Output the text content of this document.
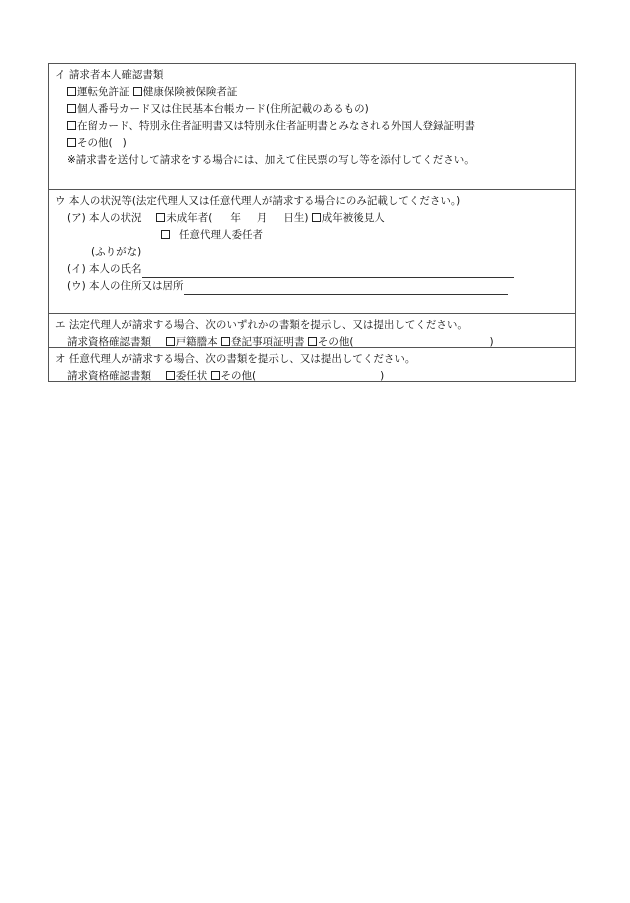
イ 請求者本人確認書類
運転免許証 健康保険被保険者証
個人番号カード又は住民基本台帳カード(住所記載のあるもの)
在留カード、特別永住者証明書又は特別永住者証明書とみなされる外国人登録証明書
その他( )
※請求書を送付して請求をする場合には、加えて住民票の写し等を添付してください。
ウ 本人の状況等(法定代理人又は任意代理人が請求する場合にのみ記載してください。)
(ア) 本人の状況 未成年者( 年 月 日生) 成年被後見人
任意代理人委任者
(ふりがな)
(イ) 本人の氏名
(ウ) 本人の住所又は居所
エ 法定代理人が請求する場合、次のいずれかの書類を提示し、又は提出してください。
請求資格確認書類 戸籍謄本 登記事項証明書 その他(	)
オ 任意代理人が請求する場合、次の書類を提示し、又は提出してください。
請求資格確認書類 委任状 その他(	)
